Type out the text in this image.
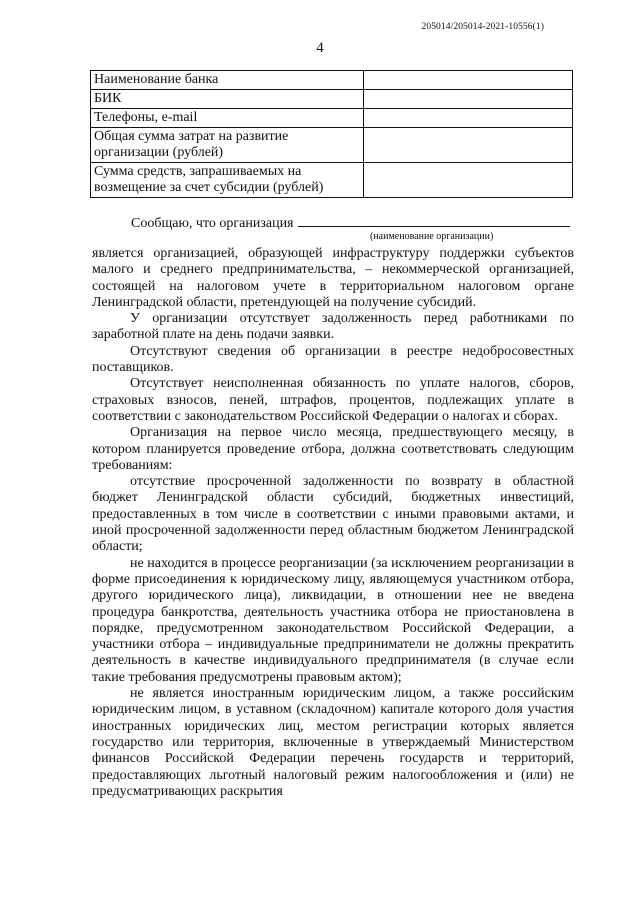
205014/205014-2021-10556(1)
4
Наименование банка	
БИК	
Телефоны, e-mail	
Общая сумма затрат на развитие организации (рублей)	
Сумма средств, запрашиваемых на возмещение за счет субсидии (рублей)	
Сообщаю, что организация
(наименование организации)

является организацией, образующей инфраструктуру поддержки субъектов малого и среднего предпринимательства, – некоммерческой организацией, состоящей на налоговом учете в территориальном налоговом органе Ленинградской области, претендующей на получение субсидий.

У организации отсутствует задолженность перед работниками по заработной плате на день подачи заявки.

Отсутствуют сведения об организации в реестре недобросовестных поставщиков.

Отсутствует неисполненная обязанность по уплате налогов, сборов, страховых взносов, пеней, штрафов, процентов, подлежащих уплате в соответствии с законодательством Российской Федерации о налогах и сборах.

Организация на первое число месяца, предшествующего месяцу, в котором планируется проведение отбора, должна соответствовать следующим требованиям:

отсутствие просроченной задолженности по возврату в областной бюджет Ленинградской области субсидий, бюджетных инвестиций, предоставленных в том числе в соответствии с иными правовыми актами, и иной просроченной задолженности перед областным бюджетом Ленинградской области;

не находится в процессе реорганизации (за исключением реорганизации в форме присоединения к юридическому лицу, являющемуся участником отбора, другого юридического лица), ликвидации, в отношении нее не введена процедура банкротства, деятельность участника отбора не приостановлена в порядке, предусмотренном законодательством Российской Федерации, а участники отбора – индивидуальные предприниматели не должны прекратить деятельность в качестве индивидуального предпринимателя (в случае если такие требования предусмотрены правовым актом);

не является иностранным юридическим лицом, а также российским юридическим лицом, в уставном (складочном) капитале которого доля участия иностранных юридических лиц, местом регистрации которых является государство или территория, включенные в утверждаемый Министерством финансов Российской Федерации перечень государств и территорий, предоставляющих льготный налоговый режим налогообложения и (или) не предусматривающих раскрытия
